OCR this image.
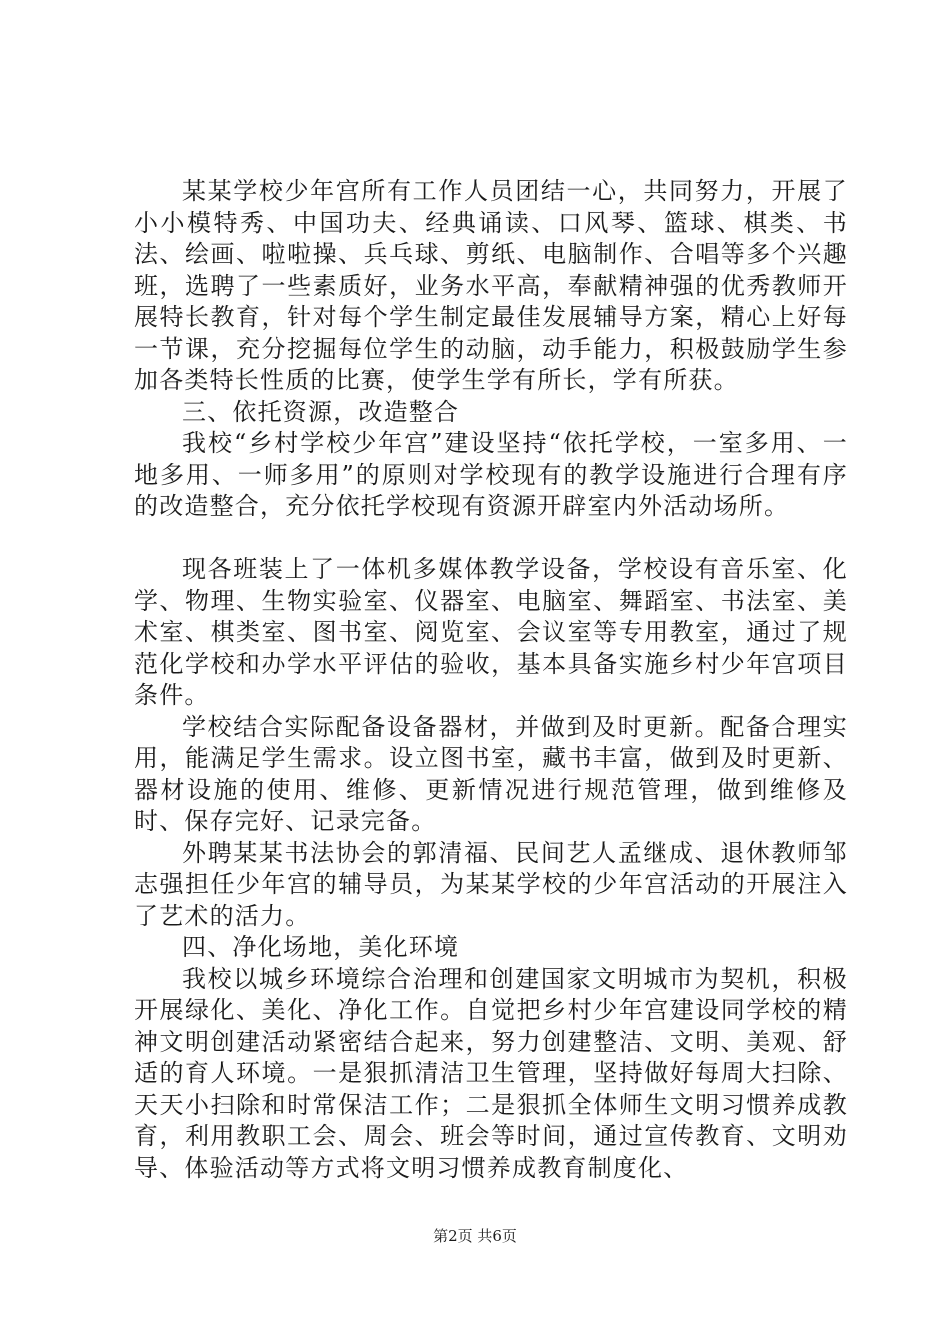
某某学校少年宫所有工作人员团结一心，共同努力，开展了小小模特秀、中国功夫、经典诵读、口风琴、篮球、棋类、书法、绘画、啦啦操、兵乓球、剪纸、电脑制作、合唱等多个兴趣班，选聘了一些素质好，业务水平高，奉献精神强的优秀教师开展特长教育，针对每个学生制定最佳发展辅导方案，精心上好每一节课，充分挖掘每位学生的动脑，动手能力，积极鼓励学生参加各类特长性质的比赛，使学生学有所长，学有所获。

三、依托资源，改造整合

我校“乡村学校少年宫”建设坚持“依托学校，一室多用、一地多用、一师多用”的原则对学校现有的教学设施进行合理有序的改造整合，充分依托学校现有资源开辟室内外活动场所。

现各班装上了一体机多媒体教学设备，学校设有音乐室、化学、物理、生物实验室、仪器室、电脑室、舞蹈室、书法室、美术室、棋类室、图书室、阅览室、会议室等专用教室，通过了规范化学校和办学水平评估的验收，基本具备实施乡村少年宫项目条件。

学校结合实际配备设备器材，并做到及时更新。配备合理实用，能满足学生需求。设立图书室，藏书丰富，做到及时更新、器材设施的使用、维修、更新情况进行规范管理，做到维修及时、保存完好、记录完备。

外聘某某书法协会的郭清福、民间艺人孟继成、退休教师邹志强担任少年宫的辅导员，为某某学校的少年宫活动的开展注入了艺术的活力。

四、净化场地，美化环境

我校以城乡环境综合治理和创建国家文明城市为契机，积极开展绿化、美化、净化工作。自觉把乡村少年宫建设同学校的精神文明创建活动紧密结合起来，努力创建整洁、文明、美观、舒适的育人环境。一是狠抓清洁卫生管理，坚持做好每周大扫除、天天小扫除和时常保洁工作；二是狠抓全体师生文明习惯养成教育，利用教职工会、周会、班会等时间，通过宣传教育、文明劝导、体验活动等方式将文明习惯养成教育制度化、

第2页 共6页
